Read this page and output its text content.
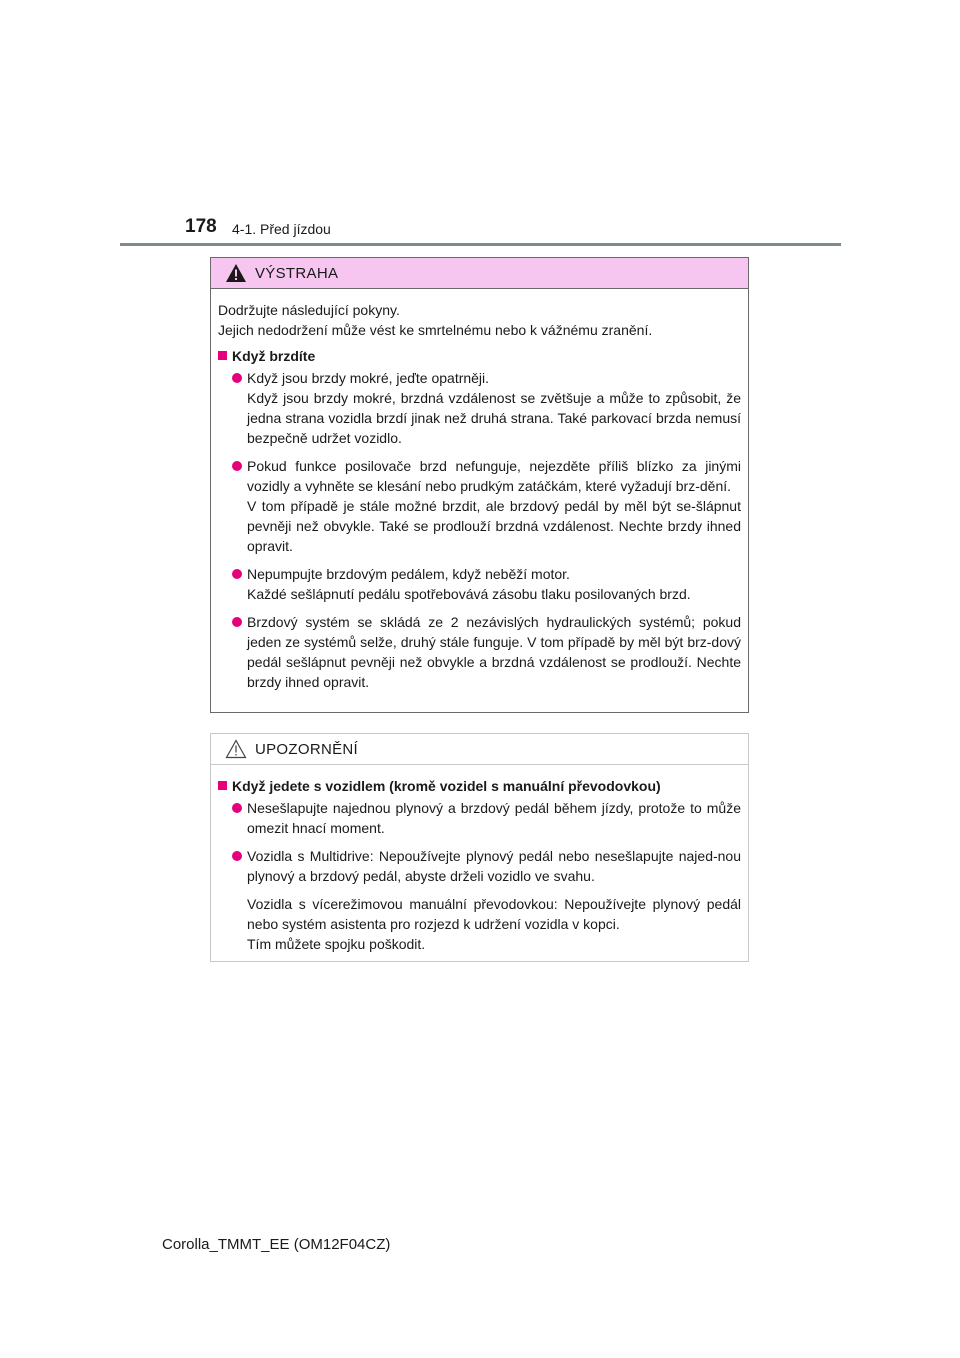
178 4-1. Před jízdou
VÝSTRAHA

Dodržujte následující pokyny.
Jejich nedodržení může vést ke smrtelnému nebo k vážnému zranění.

Když brzdíte
Když jsou brzdy mokré, jeďte opatrněji.
Když jsou brzdy mokré, brzdná vzdálenost se zvětšuje a může to způsobit, že jedna strana vozidla brzdí jinak než druhá strana. Také parkovací brzda nemusí bezpečně udržet vozidlo.
Pokud funkce posilovače brzd nefunguje, nejezděte příliš blízko za jinými vozidly a vyhněte se klesání nebo prudkým zatáčkám, které vyžadují brz-dění.
V tom případě je stále možné brzdit, ale brzdový pedál by měl být se-šlápnut pevněji než obvykle. Také se prodlouží brzdná vzdálenost. Nechte brzdy ihned opravit.
Nepumpujte brzdovým pedálem, když neběží motor.
Každé sešlápnutí pedálu spotřebovává zásobu tlaku posilovaných brzd.
Brzdový systém se skládá ze 2 nezávislých hydraulických systémů; pokud jeden ze systémů selže, druhý stále funguje. V tom případě by měl být brz-dový pedál sešlápnut pevněji než obvykle a brzdná vzdálenost se prodlouží. Nechte brzdy ihned opravit.
UPOZORNĚNÍ
Když jedete s vozidlem (kromě vozidel s manuální převodovkou)
Nesešlapujte najednou plynový a brzdový pedál během jízdy, protože to může omezit hnací moment.
Vozidla s Multidrive: Nepoužívejte plynový pedál nebo nesešlapujte najed-nou plynový a brzdový pedál, abyste drželi vozidlo ve svahu.

Vozidla s vícerežimovou manuální převodovkou: Nepoužívejte plynový pedál nebo systém asistenta pro rozjezd k udržení vozidla v kopci.

Tím můžete spojku poškodit.

Corolla_TMMT_EE (OM12F04CZ)
